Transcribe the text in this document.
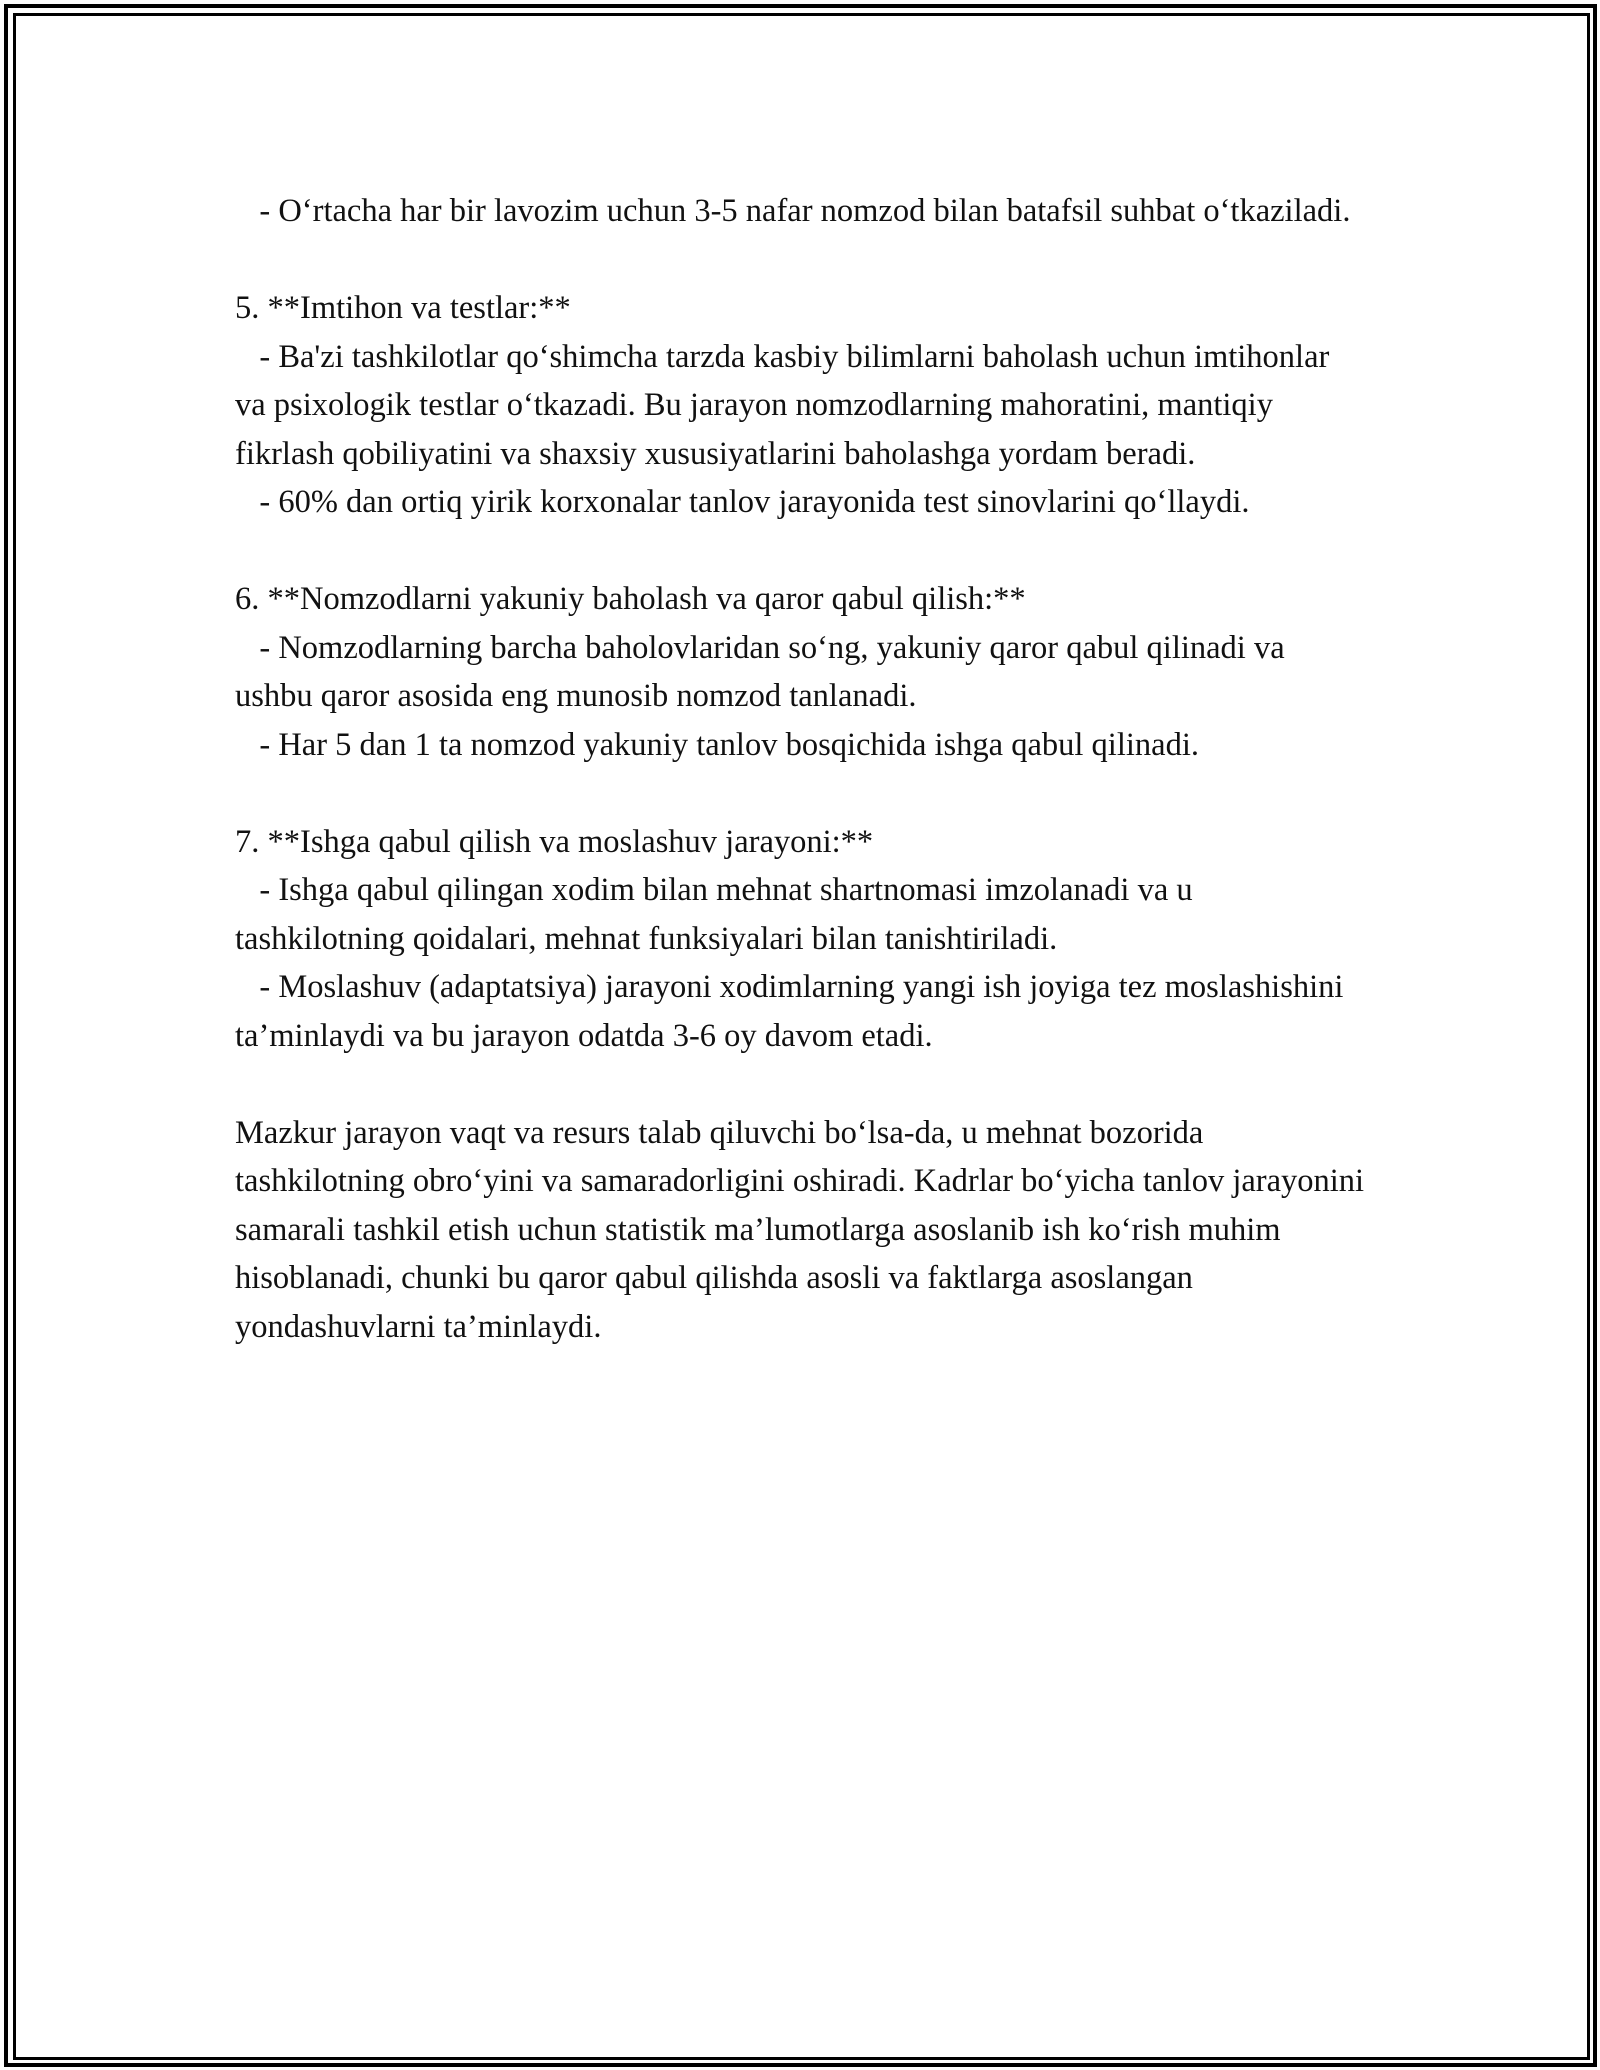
- O‘rtacha har bir lavozim uchun 3-5 nafar nomzod bilan batafsil suhbat o‘tkaziladi.

5. **Imtihon va testlar:**

- Ba'zi tashkilotlar qo‘shimcha tarzda kasbiy bilimlarni baholash uchun imtihonlar va psixologik testlar o‘tkazadi. Bu jarayon nomzodlarning mahoratini, mantiqiy fikrlash qobiliyatini va shaxsiy xususiyatlarini baholashga yordam beradi.

- 60% dan ortiq yirik korxonalar tanlov jarayonida test sinovlarini qo‘llaydi.

6. **Nomzodlarni yakuniy baholash va qaror qabul qilish:**

- Nomzodlarning barcha baholovlaridan so‘ng, yakuniy qaror qabul qilinadi va ushbu qaror asosida eng munosib nomzod tanlanadi.

- Har 5 dan 1 ta nomzod yakuniy tanlov bosqichida ishga qabul qilinadi.

7. **Ishga qabul qilish va moslashuv jarayoni:**

- Ishga qabul qilingan xodim bilan mehnat shartnomasi imzolanadi va u tashkilotning qoidalari, mehnat funksiyalari bilan tanishtiriladi.

- Moslashuv (adaptatsiya) jarayoni xodimlarning yangi ish joyiga tez moslashishini ta’minlaydi va bu jarayon odatda 3-6 oy davom etadi.

Mazkur jarayon vaqt va resurs talab qiluvchi bo‘lsa-da, u mehnat bozorida tashkilotning obro‘yini va samaradorligini oshiradi. Kadrlar bo‘yicha tanlov jarayonini samarali tashkil etish uchun statistik ma’lumotlarga asoslanib ish ko‘rish muhim hisoblanadi, chunki bu qaror qabul qilishda asosli va faktlarga asoslangan yondashuvlarni ta’minlaydi.
